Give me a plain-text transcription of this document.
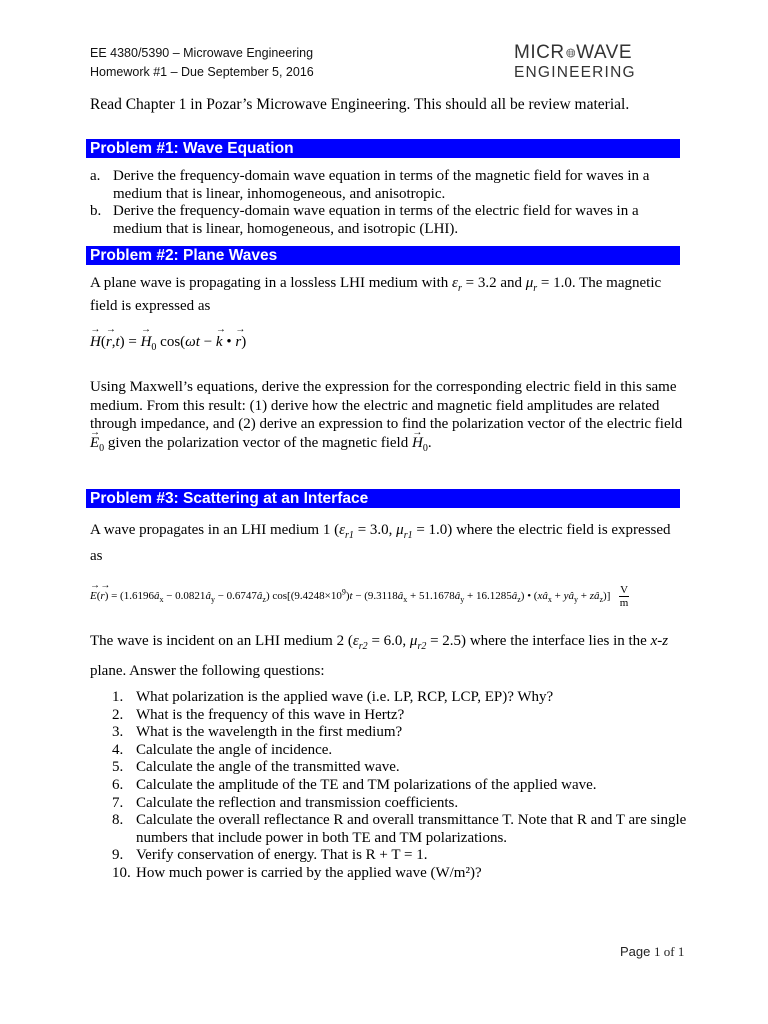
EE 4380/5390 – Microwave Engineering
Homework #1 – Due September 5, 2016
MICR WAVE
ENGINEERING
Read Chapter 1 in Pozar’s Microwave Engineering. This should all be review material.
Problem #1: Wave Equation
a. Derive the frequency-domain wave equation in terms of the magnetic field for waves in a medium that is linear, inhomogeneous, and anisotropic.
b. Derive the frequency-domain wave equation in terms of the electric field for waves in a medium that is linear, homogeneous, and isotropic (LHI).
Problem #2: Plane Waves
A plane wave is propagating in a lossless LHI medium with $\varepsilon_r = 3.2$ and $\mu_r = 1.0$. The magnetic field is expressed as
→ H(→ r,t) = → $H_0$ cos(ωt − → k • → r)
Using Maxwell’s equations, derive the expression for the corresponding electric field in this same medium. From this result: (1) derive how the electric and magnetic field amplitudes are related through impedance, and (2) derive an expression to find the polarization vector of the electric field → $E_0$ given the polarization vector of the magnetic field → $H_0$.
Problem #3: Scattering at an Interface
A wave propagates in an LHI medium 1 ($\varepsilon_{r1} = 3.0$, $\mu_{r1} = 1.0$) where the electric field is expressed as
→ $E(\to r) = (1.6196â_x$ − $0.0821â_y$ − $0.6747â_z$) $\cos[(9.4248\times 10^9)t$ − ($9.3118â_x$ + $51.1678â_y$ + $16.1285â_z$) • ($xâ_x$ + $yâ_y$ + $zâ_z)] \frac{V}{m}$
The wave is incident on an LHI medium 2 ($\varepsilon_{r2} = 6.0$, $\mu_{r2} = 2.5$) where the interface lies in the x-z plane. Answer the following questions:
1. What polarization is the applied wave (i.e. LP, RCP, LCP, EP)? Why?
2. What is the frequency of this wave in Hertz?
3. What is the wavelength in the first medium?
4. Calculate the angle of incidence.
5. Calculate the angle of the transmitted wave.
6. Calculate the amplitude of the TE and TM polarizations of the applied wave.
7. Calculate the reflection and transmission coefficients.
8. Calculate the overall reflectance R and overall transmittance T. Note that R and T are single numbers that include power in both TE and TM polarizations.
9. Verify conservation of energy. That is R + T = 1.
10. How much power is carried by the applied wave (W/m²)?
Page 1 of 1
